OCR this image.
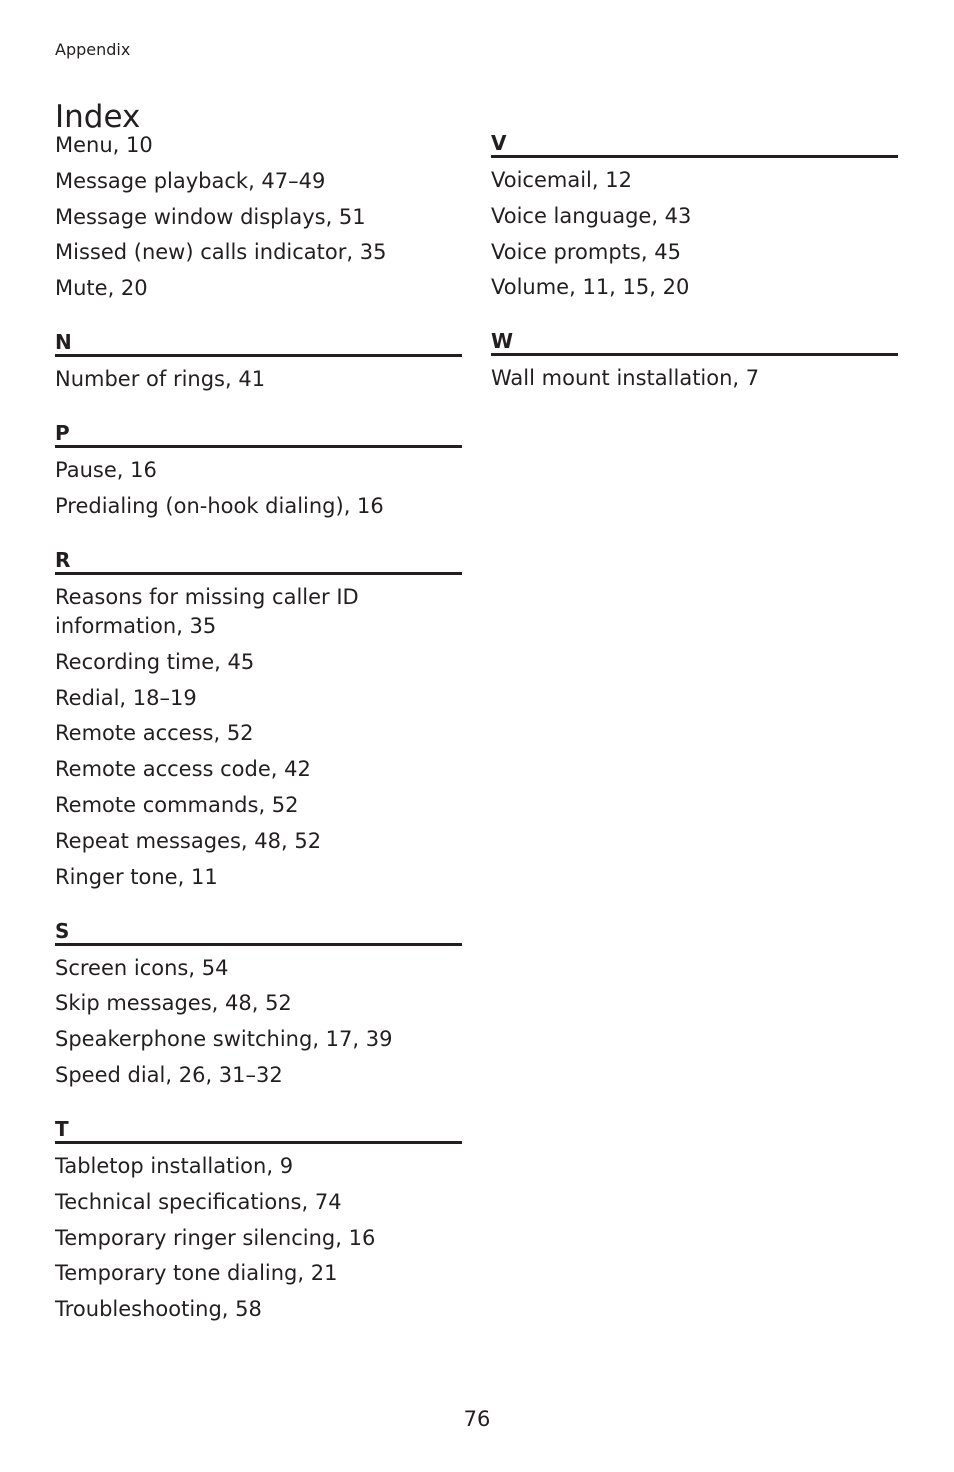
Appendix
Index
Menu, 10
Message playback, 47–49
Message window displays, 51
Missed (new) calls indicator, 35
Mute, 20
N
Number of rings, 41
P
Pause, 16
Predialing (on-hook dialing), 16
R
Reasons for missing caller ID information, 35
Recording time, 45
Redial, 18–19
Remote access, 52
Remote access code, 42
Remote commands, 52
Repeat messages, 48, 52
Ringer tone, 11
S
Screen icons, 54
Skip messages, 48, 52
Speakerphone switching, 17, 39
Speed dial, 26, 31–32
T
Tabletop installation, 9
Technical specifications, 74
Temporary ringer silencing, 16
Temporary tone dialing, 21
Troubleshooting, 58
V
Voicemail, 12
Voice language, 43
Voice prompts, 45
Volume, 11, 15, 20
W
Wall mount installation, 7
76
